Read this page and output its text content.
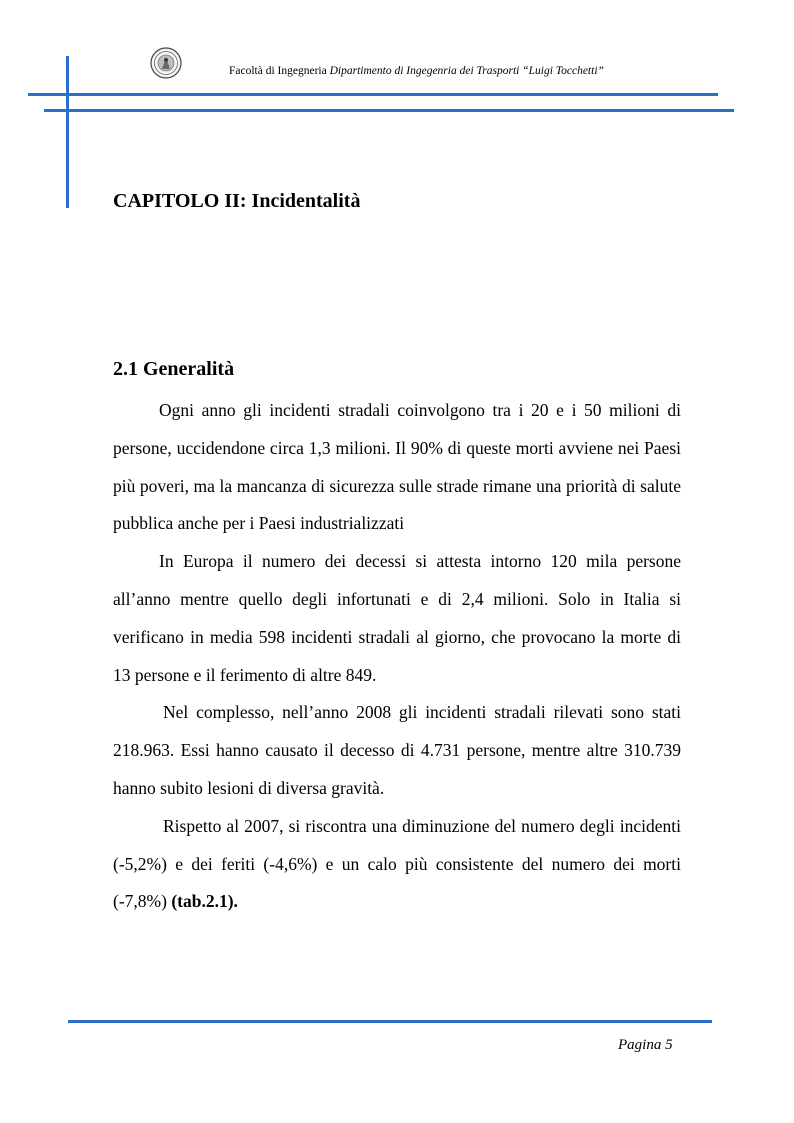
Facoltà di Ingegneria Dipartimento di Ingegenria dei Trasporti “Luigi Tocchetti”
CAPITOLO II: Incidentalità
2.1 Generalità

Ogni anno gli incidenti stradali coinvolgono tra i 20 e i 50 milioni di persone, uccidendone circa 1,3 milioni. Il 90% di queste morti avviene nei Paesi più poveri, ma la mancanza di sicurezza sulle strade rimane una priorità di salute pubblica anche per i Paesi industrializzati

In Europa il numero dei decessi si attesta intorno 120 mila persone all’anno mentre quello degli infortunati e di 2,4 milioni. Solo in Italia si verificano in media 598 incidenti stradali al giorno, che provocano la morte di 13 persone e il ferimento di altre 849.

Nel complesso, nell’anno 2008 gli incidenti stradali rilevati sono stati 218.963. Essi hanno causato il decesso di 4.731 persone, mentre altre 310.739 hanno subito lesioni di diversa gravità.

Rispetto al 2007, si riscontra una diminuzione del numero degli incidenti (-5,2%) e dei feriti (-4,6%) e un calo più consistente del numero dei morti (-7,8%) (tab.2.1).

Pagina 5
